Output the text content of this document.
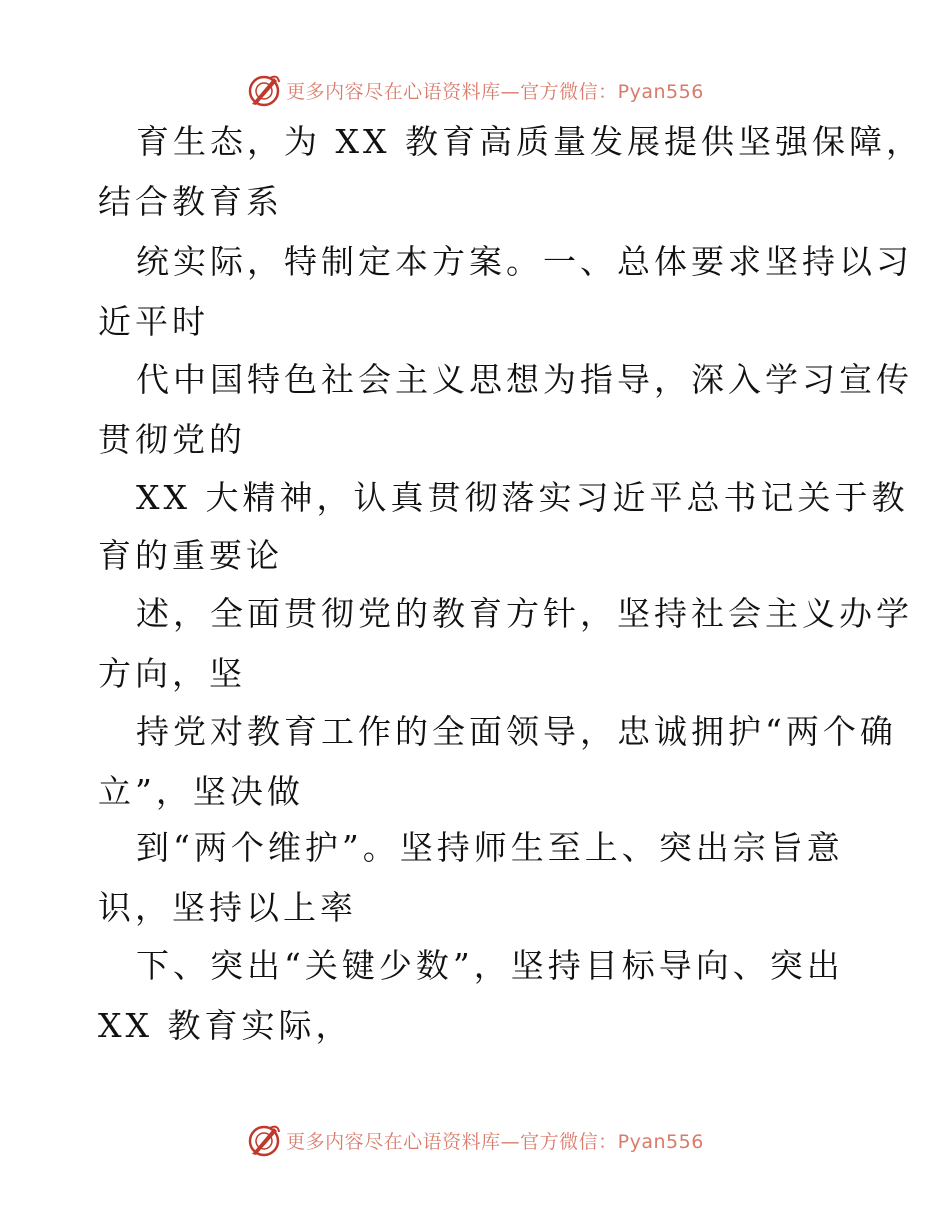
更多内容尽在心语资料库—官方微信：Pyan556
育生态，为 XX 教育高质量发展提供坚强保障，
结合教育系
统实际，特制定本方案。一、总体要求坚持以习
近平时
代中国特色社会主义思想为指导，深入学习宣传
贯彻党的
XX 大精神，认真贯彻落实习近平总书记关于教
育的重要论
述，全面贯彻党的教育方针，坚持社会主义办学
方向，坚
持党对教育工作的全面领导，忠诚拥护“两个确
立”，坚决做
到“两个维护”。坚持师生至上、突出宗旨意
识，坚持以上率
下、突出“关键少数”，坚持目标导向、突出
XX 教育实际，
更多内容尽在心语资料库—官方微信：Pyan556
